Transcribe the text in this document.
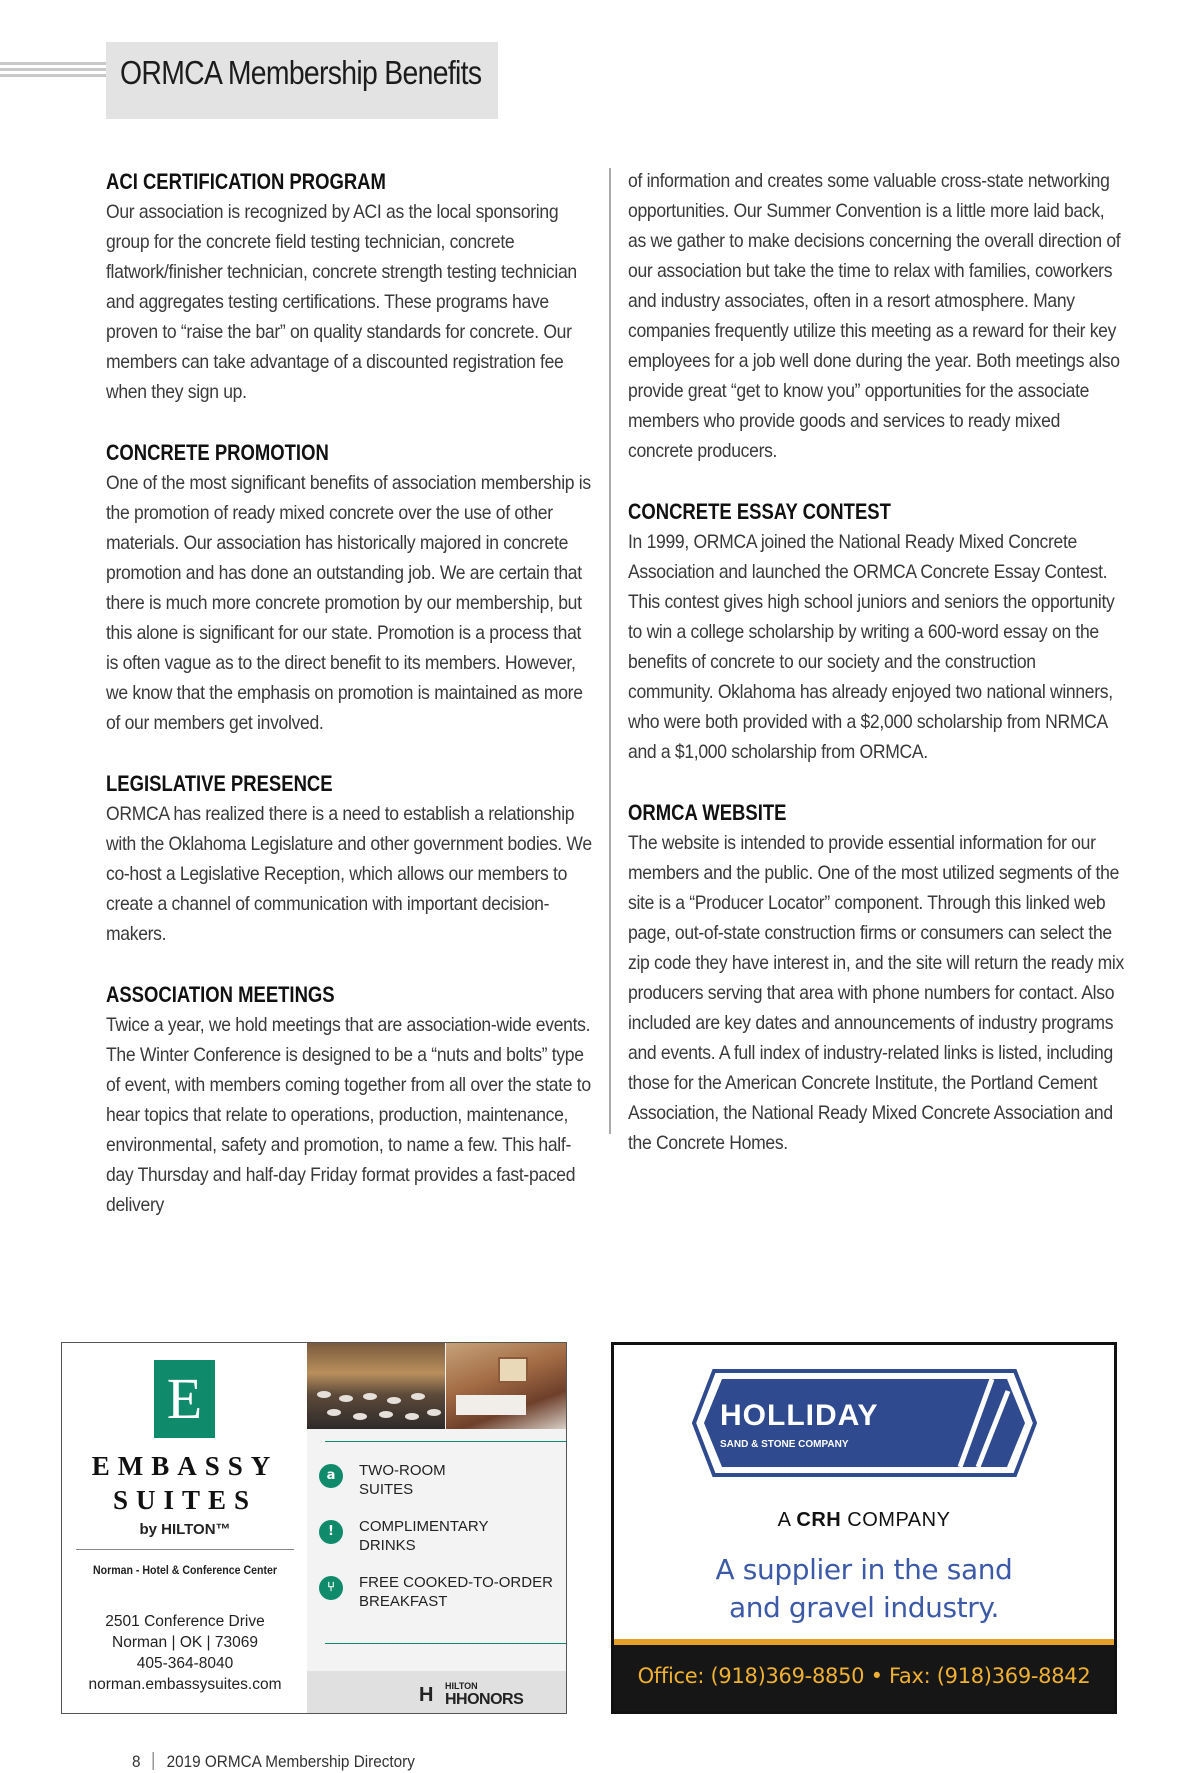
ORMCA Membership Benefits
ACI CERTIFICATION PROGRAM

Our association is recognized by ACI as the local sponsoring group for the concrete field testing technician, concrete flatwork/finisher technician, concrete strength testing technician and aggregates testing certifications. These programs have proven to “raise the bar” on quality standards for concrete. Our members can take advantage of a discounted registration fee when they sign up.

CONCRETE PROMOTION

One of the most significant benefits of association membership is the promotion of ready mixed concrete over the use of other materials. Our association has historically majored in concrete promotion and has done an outstanding job. We are certain that there is much more concrete promotion by our membership, but this alone is significant for our state. Promotion is a process that is often vague as to the direct benefit to its members. However, we know that the emphasis on promotion is maintained as more of our members get involved.

LEGISLATIVE PRESENCE

ORMCA has realized there is a need to establish a relationship with the Oklahoma Legislature and other government bodies. We co-host a Legislative Reception, which allows our members to create a channel of communication with important decision-makers.

ASSOCIATION MEETINGS

Twice a year, we hold meetings that are association-wide events. The Winter Conference is designed to be a “nuts and bolts” type of event, with members coming together from all over the state to hear topics that relate to operations, production, maintenance, environmental, safety and promotion, to name a few. This half-day Thursday and half-day Friday format provides a fast-paced delivery

of information and creates some valuable cross-state networking opportunities. Our Summer Convention is a little more laid back, as we gather to make decisions concerning the overall direction of our association but take the time to relax with families, coworkers and industry associates, often in a resort atmosphere. Many companies frequently utilize this meeting as a reward for their key employees for a job well done during the year. Both meetings also provide great “get to know you” opportunities for the associate members who provide goods and services to ready mixed concrete producers.

CONCRETE ESSAY CONTEST

In 1999, ORMCA joined the National Ready Mixed Concrete Association and launched the ORMCA Concrete Essay Contest. This contest gives high school juniors and seniors the opportunity to win a college scholarship by writing a 600-word essay on the benefits of concrete to our society and the construction community. Oklahoma has already enjoyed two national winners, who were both provided with a $2,000 scholarship from NRMCA and a $1,000 scholarship from ORMCA.

ORMCA WEBSITE

The website is intended to provide essential information for our members and the public. One of the most utilized segments of the site is a “Producer Locator” component. Through this linked web page, out-of-state construction firms or consumers can select the zip code they have interest in, and the site will return the ready mix producers serving that area with phone numbers for contact. Also included are key dates and announcements of industry programs and events. A full index of industry-related links is listed, including those for the American Concrete Institute, the Portland Cement Association, the National Ready Mixed Concrete Association and the Concrete Homes.

E
EMBASSY
SUITES
by HILTON™
Norman - Hotel & Conference Center
2501 Conference Drive
Norman | OK | 73069
405-364-8040
norman.embassysuites.com
a	TWO-ROOM
SUITES
!	COMPLIMENTARY
DRINKS
⑂	FREE COOKED-TO-ORDER
BREAKFAST
H	HILTON
HHONORS
HOLLIDAY
SAND & STONE COMPANY
A CRH COMPANY
A supplier in the sand
and gravel industry.
Office: (918)369-8850 • Fax: (918)369-8842
8 2019 ORMCA Membership Directory
